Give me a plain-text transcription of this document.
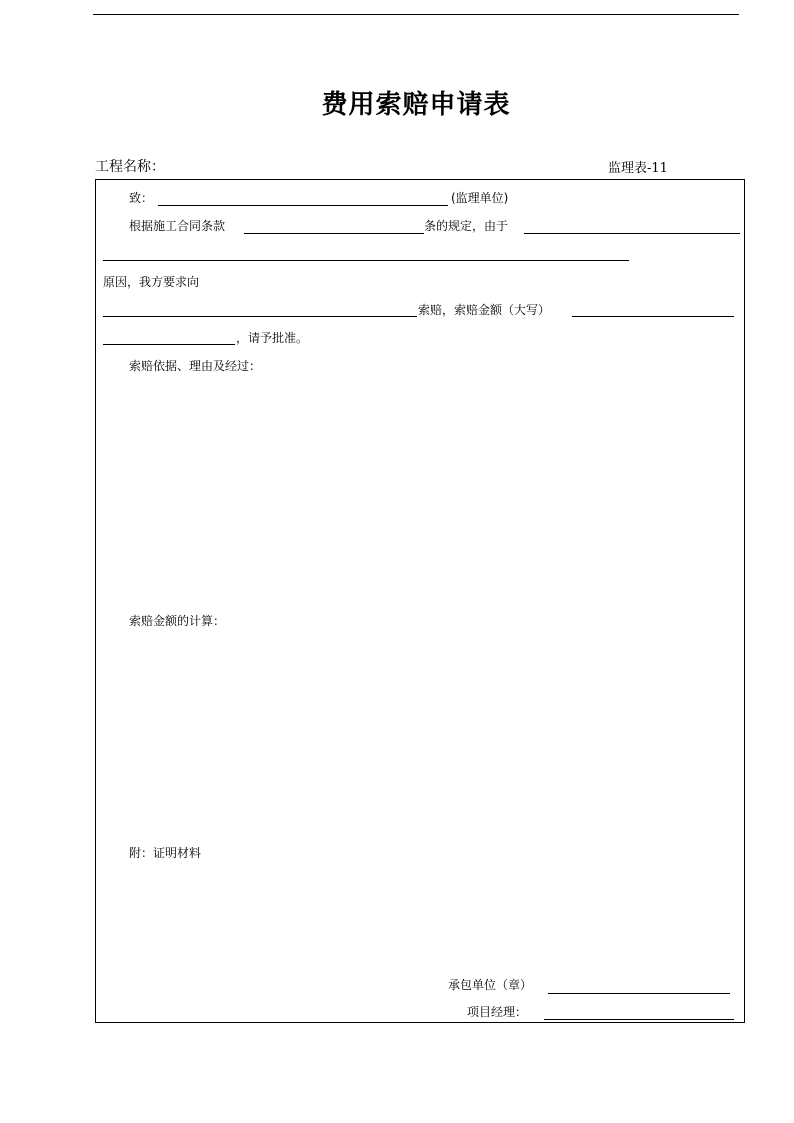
费用索赔申请表
工程名称：	监理表-11
致：	(监理单位)
根据施工合同条款	条的规定，由于
原因，我方要求向
索赔，索赔金额（大写）
，请予批准。
索赔依据、理由及经过：
索赔金额的计算：
附：证明材料
承包单位（章）
项目经理：
